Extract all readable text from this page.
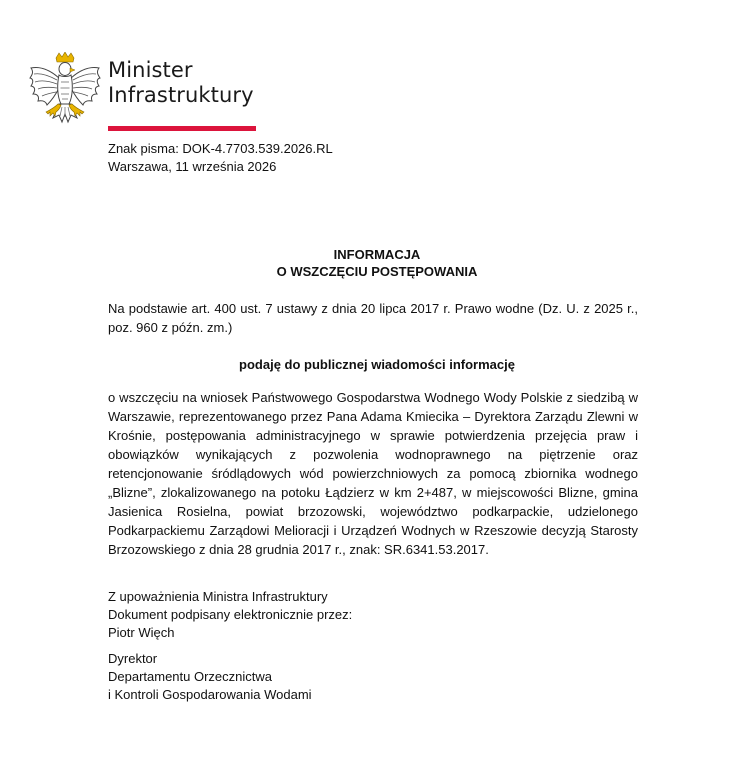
Minister
Infrastruktury
Znak pisma: DOK-4.7703.539.2026.RL
Warszawa, 11 września 2026
INFORMACJA
O WSZCZĘCIU POSTĘPOWANIA
Na podstawie art. 400 ust. 7 ustawy z dnia 20 lipca 2017 r. Prawo wodne (Dz. U. z 2025 r., poz. 960 z późn. zm.)
podaję do publicznej wiadomości informację
o wszczęciu na wniosek Państwowego Gospodarstwa Wodnego Wody Polskie z siedzibą w Warszawie, reprezentowanego przez Pana Adama Kmiecika – Dyrektora Zarządu Zlewni w Krośnie, postępowania administracyjnego w sprawie potwierdzenia przejęcia praw i obowiązków wynikających z pozwolenia wodnoprawnego na piętrzenie oraz retencjonowanie śródlądowych wód powierzchniowych za pomocą zbiornika wodnego „Blizne”, zlokalizowanego na potoku Łądzierz w km 2+487, w miejscowości Blizne, gmina Jasienica Rosielna, powiat brzozowski, województwo podkarpackie, udzielonego Podkarpackiemu Zarządowi Melioracji i Urządzeń Wodnych w Rzeszowie decyzją Starosty Brzozowskiego z dnia 28 grudnia 2017 r., znak: SR.6341.53.2017.
Z upoważnienia Ministra Infrastruktury
Dokument podpisany elektronicznie przez:
Piotr Więch
Dyrektor
Departamentu Orzecznictwa
i Kontroli Gospodarowania Wodami
